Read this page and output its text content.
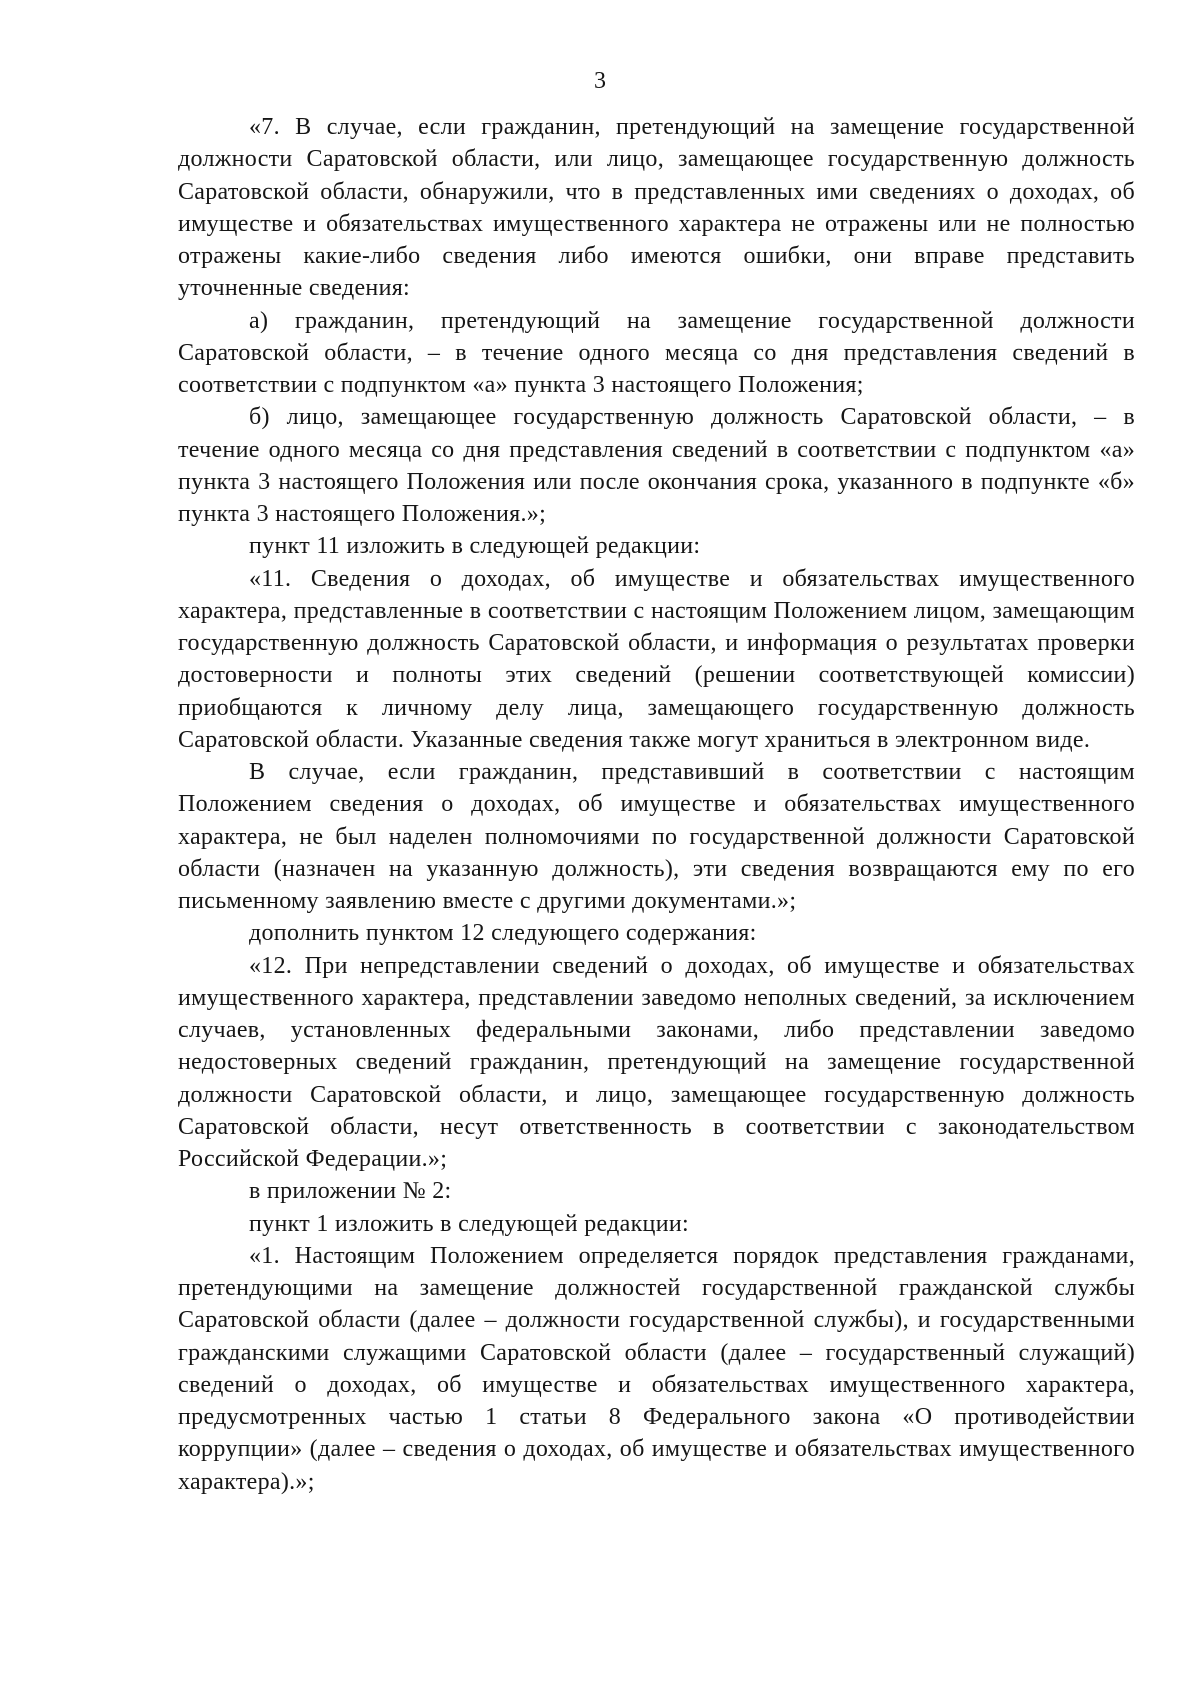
3

«7. В случае, если гражданин, претендующий на замещение государственной должности Саратовской области, или лицо, замещающее государственную должность Саратовской области, обнаружили, что в представленных ими сведениях о доходах, об имуществе и обязательствах имущественного характера не отражены или не полностью отражены какие-либо сведения либо имеются ошибки, они вправе представить уточненные сведения:

а) гражданин, претендующий на замещение государственной должности Саратовской области, – в течение одного месяца со дня представления сведений в соответствии с подпунктом «а» пункта 3 настоящего Положения;

б) лицо, замещающее государственную должность Саратовской области, – в течение одного месяца со дня представления сведений в соответствии с подпунктом «а» пункта 3 настоящего Положения или после окончания срока, указанного в подпункте «б» пункта 3 настоящего Положения.»;

пункт 11 изложить в следующей редакции:

«11. Сведения о доходах, об имуществе и обязательствах имущественного характера, представленные в соответствии с настоящим Положением лицом, замещающим государственную должность Саратовской области, и информация о результатах проверки достоверности и полноты этих сведений (решении соответствующей комиссии) приобщаются к личному делу лица, замещающего государственную должность Саратовской области. Указанные сведения также могут храниться в электронном виде.

В случае, если гражданин, представивший в соответствии с настоящим Положением сведения о доходах, об имуществе и обязательствах имущественного характера, не был наделен полномочиями по государственной должности Саратовской области (назначен на указанную должность), эти сведения возвращаются ему по его письменному заявлению вместе с другими документами.»;

дополнить пунктом 12 следующего содержания:

«12. При непредставлении сведений о доходах, об имуществе и обязательствах имущественного характера, представлении заведомо неполных сведений, за исключением случаев, установленных федеральными законами, либо представлении заведомо недостоверных сведений гражданин, претендующий на замещение государственной должности Саратовской области, и лицо, замещающее государственную должность Саратовской области, несут ответственность в соответствии с законодательством Российской Федерации.»;

в приложении № 2:

пункт 1 изложить в следующей редакции:

«1. Настоящим Положением определяется порядок представления гражданами, претендующими на замещение должностей государственной гражданской службы Саратовской области (далее – должности государственной службы), и государственными гражданскими служащими Саратовской области (далее – государственный служащий) сведений о доходах, об имуществе и обязательствах имущественного характера, предусмотренных частью 1 статьи 8 Федерального закона «О противодействии коррупции» (далее – сведения о доходах, об имуществе и обязательствах имущественного характера).»;
